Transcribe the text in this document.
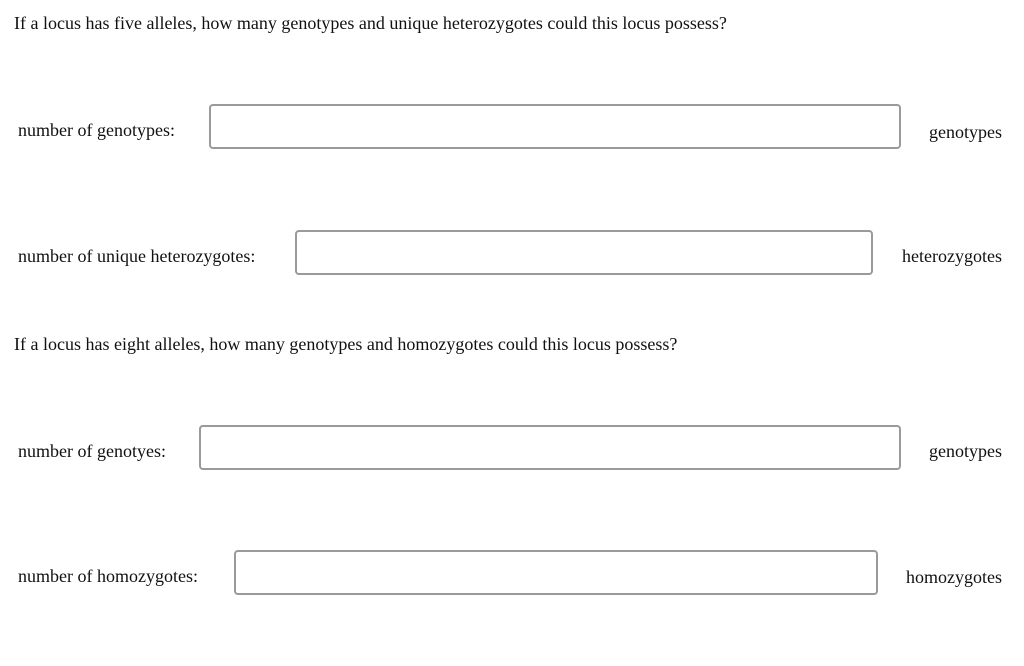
If a locus has five alleles, how many genotypes and unique heterozygotes could this locus possess?

number of genotypes:	genotypes
number of unique heterozygotes:	heterozygotes

If a locus has eight alleles, how many genotypes and homozygotes could this locus possess?

number of genotyes:	genotypes
number of homozygotes:	homozygotes
